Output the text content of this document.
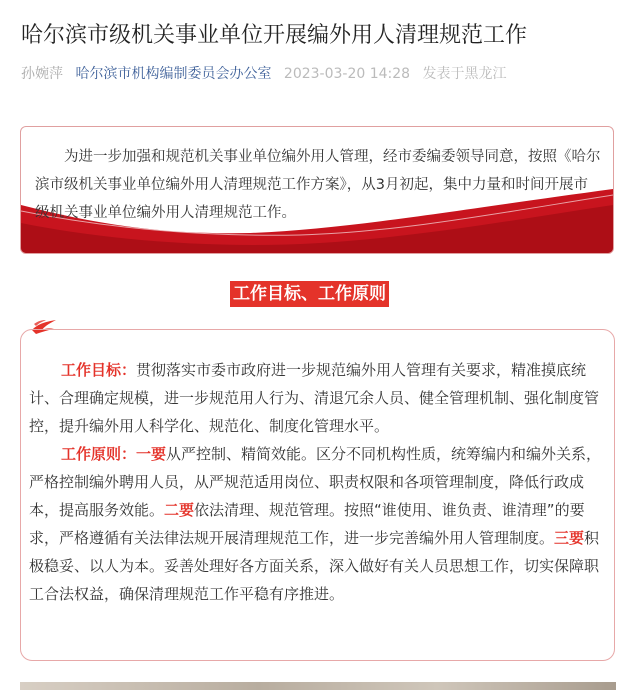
哈尔滨市级机关事业单位开展编外用人清理规范工作
孙婉萍 哈尔滨市机构编制委员会办公室 2023-03-20 14:28 发表于黑龙江
为进一步加强和规范机关事业单位编外用人管理，经市委编委领导同意，按照《哈尔滨市级机关事业单位编外用人清理规范工作方案》，从3月初起，集中力量和时间开展市级机关事业单位编外用人清理规范工作。
工作目标、工作原则

工作目标：贯彻落实市委市政府进一步规范编外用人管理有关要求，精准摸底统计、合理确定规模，进一步规范用人行为、清退冗余人员、健全管理机制、强化制度管控，提升编外用人科学化、规范化、制度化管理水平。

工作原则：一要从严控制、精简效能。区分不同机构性质，统筹编内和编外关系，严格控制编外聘用人员，从严规范适用岗位、职责权限和各项管理制度，降低行政成本，提高服务效能。二要依法清理、规范管理。按照“谁使用、谁负责、谁清理”的要求，严格遵循有关法律法规开展清理规范工作，进一步完善编外用人管理制度。三要积极稳妥、以人为本。妥善处理好各方面关系，深入做好有关人员思想工作，切实保障职工合法权益，确保清理规范工作平稳有序推进。
